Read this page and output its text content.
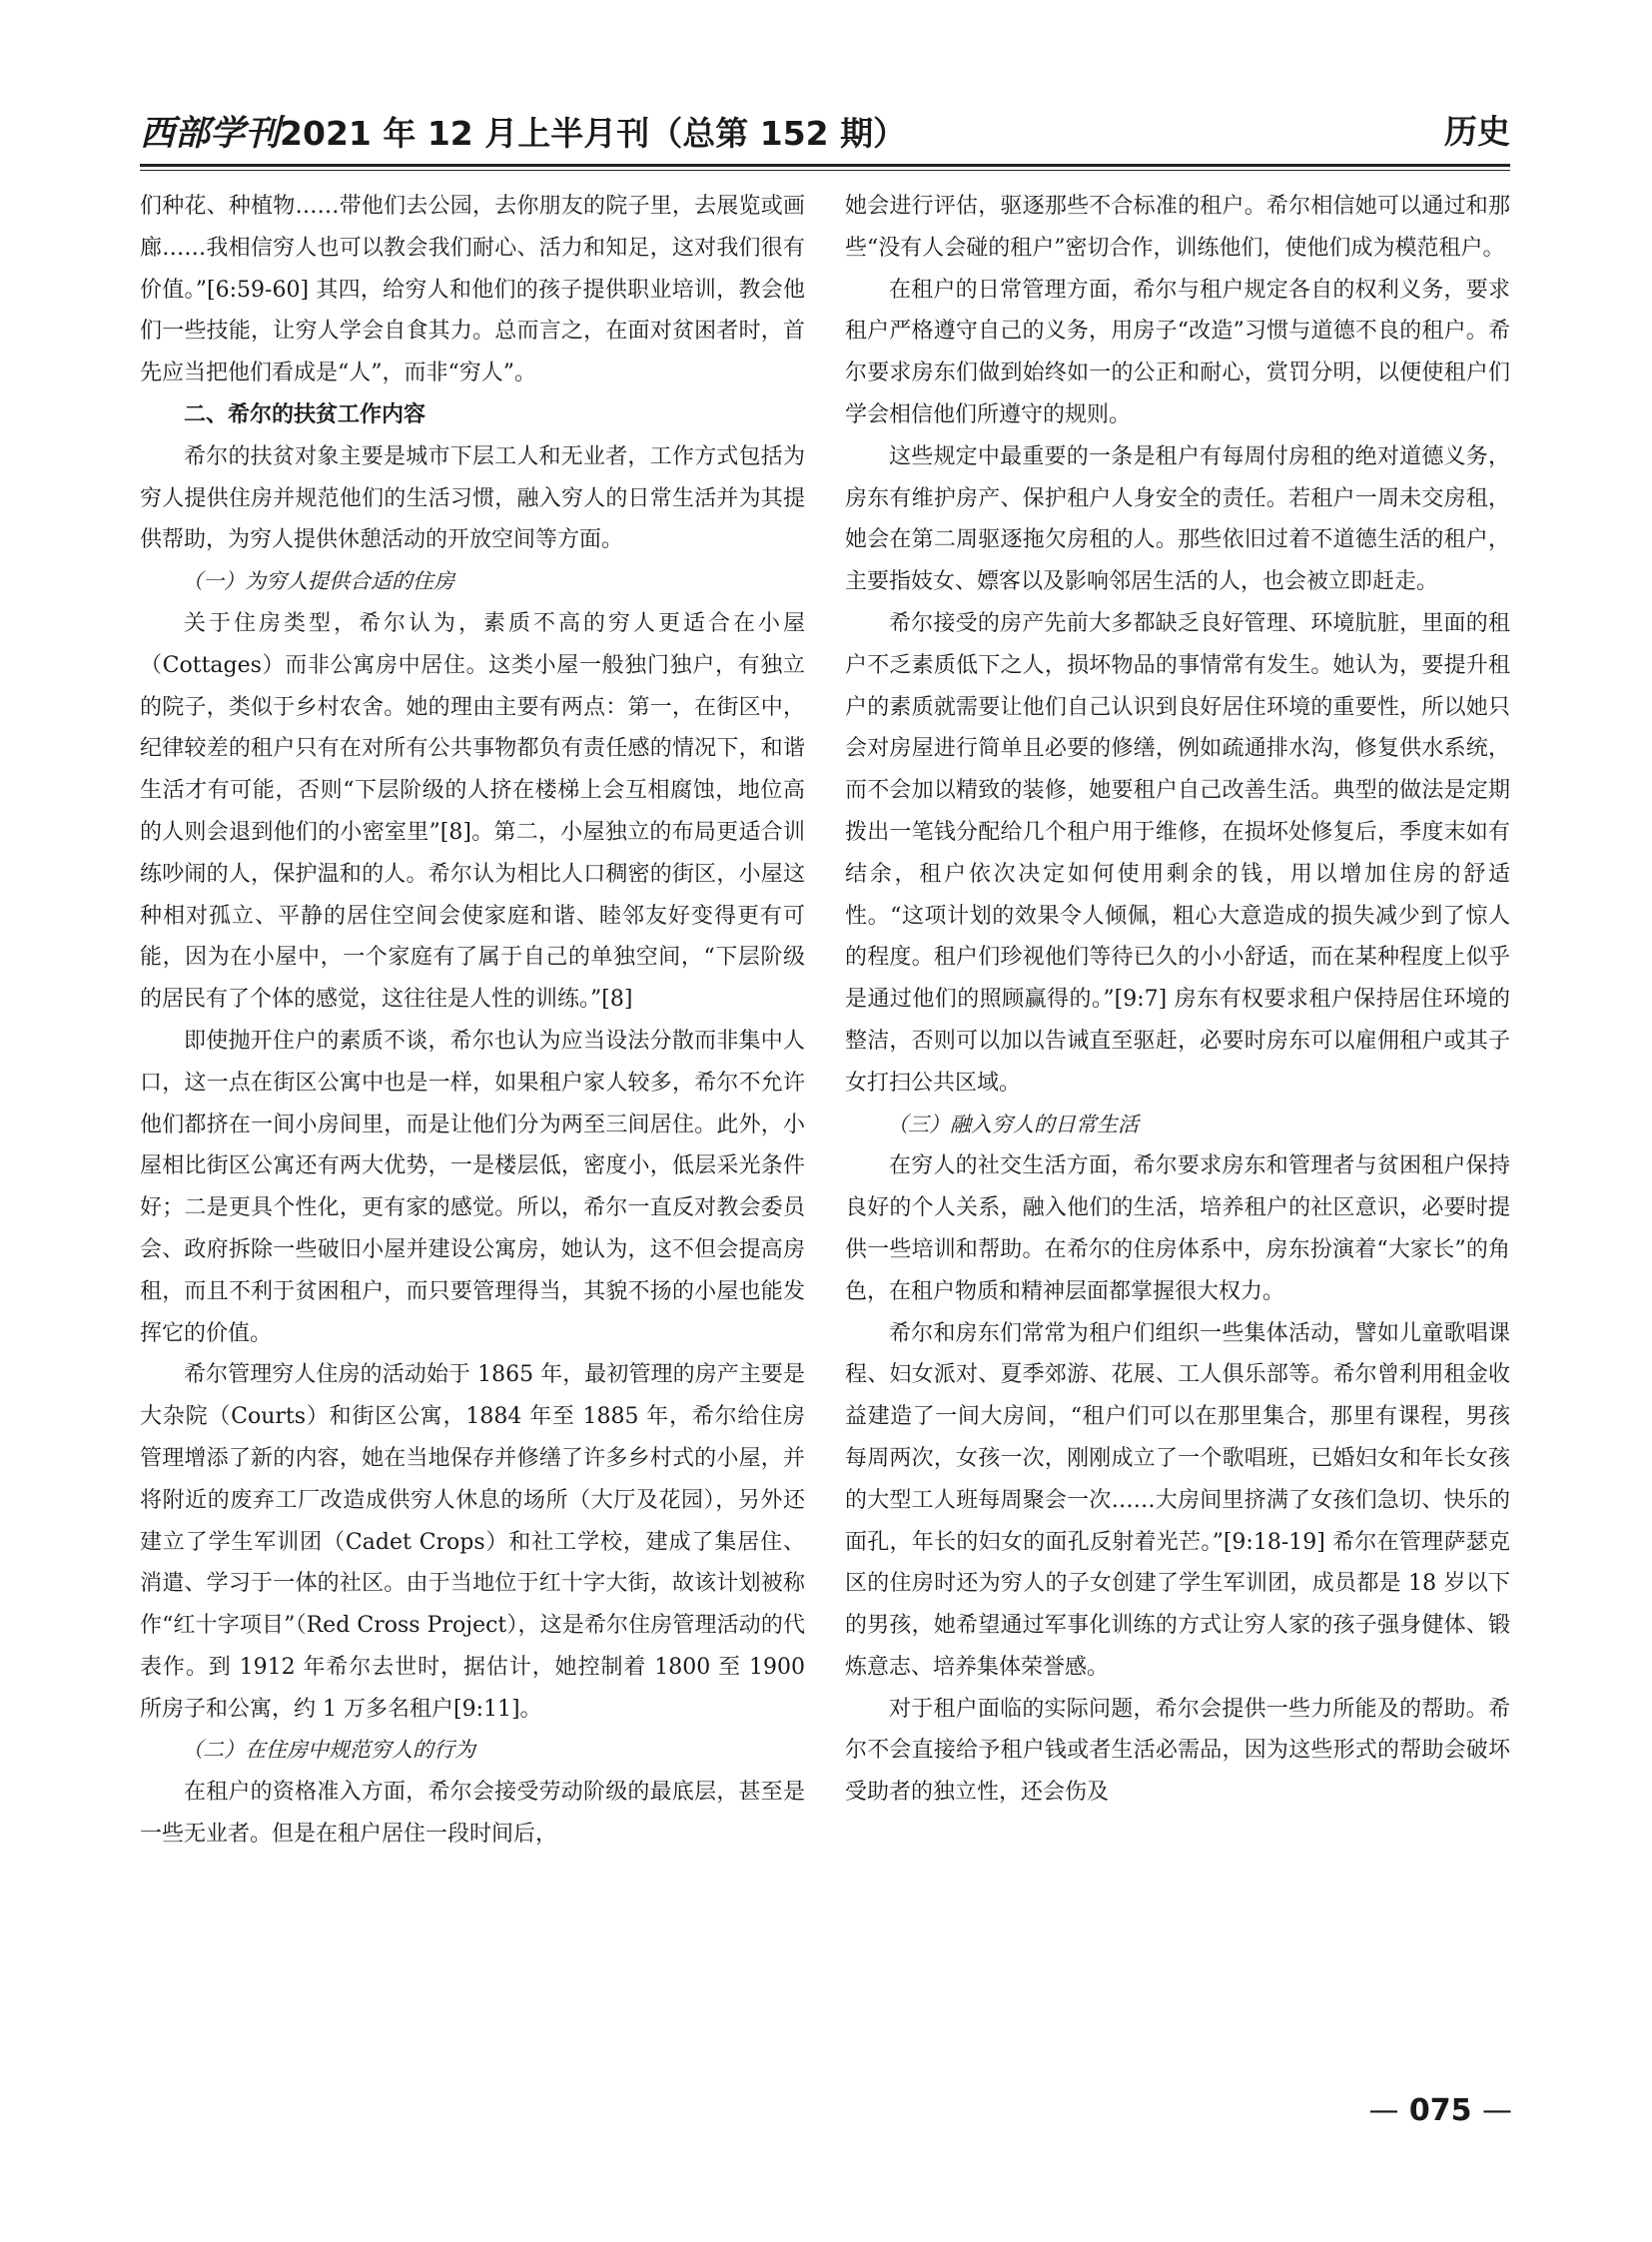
西部学刊2021 年 12 月上半月刊（总第 152 期）	历史

们种花、种植物……带他们去公园，去你朋友的院子里，去展览或画廊……我相信穷人也可以教会我们耐心、活力和知足，这对我们很有价值。”[6:59-60] 其四，给穷人和他们的孩子提供职业培训，教会他们一些技能，让穷人学会自食其力。总而言之，在面对贫困者时，首先应当把他们看成是“人”，而非“穷人”。

二、希尔的扶贫工作内容

希尔的扶贫对象主要是城市下层工人和无业者，工作方式包括为穷人提供住房并规范他们的生活习惯，融入穷人的日常生活并为其提供帮助，为穷人提供休憩活动的开放空间等方面。

（一）为穷人提供合适的住房

关于住房类型，希尔认为，素质不高的穷人更适合在小屋（Cottages）而非公寓房中居住。这类小屋一般独门独户，有独立的院子，类似于乡村农舍。她的理由主要有两点：第一，在街区中，纪律较差的租户只有在对所有公共事物都负有责任感的情况下，和谐生活才有可能，否则“下层阶级的人挤在楼梯上会互相腐蚀，地位高的人则会退到他们的小密室里”[8]。第二，小屋独立的布局更适合训练吵闹的人，保护温和的人。希尔认为相比人口稠密的街区，小屋这种相对孤立、平静的居住空间会使家庭和谐、睦邻友好变得更有可能，因为在小屋中，一个家庭有了属于自己的单独空间，“下层阶级的居民有了个体的感觉，这往往是人性的训练。”[8]

即使抛开住户的素质不谈，希尔也认为应当设法分散而非集中人口，这一点在街区公寓中也是一样，如果租户家人较多，希尔不允许他们都挤在一间小房间里，而是让他们分为两至三间居住。此外，小屋相比街区公寓还有两大优势，一是楼层低，密度小，低层采光条件好；二是更具个性化，更有家的感觉。所以，希尔一直反对教会委员会、政府拆除一些破旧小屋并建设公寓房，她认为，这不但会提高房租，而且不利于贫困租户，而只要管理得当，其貌不扬的小屋也能发挥它的价值。

希尔管理穷人住房的活动始于 1865 年，最初管理的房产主要是大杂院（Courts）和街区公寓，1884 年至 1885 年，希尔给住房管理增添了新的内容，她在当地保存并修缮了许多乡村式的小屋，并将附近的废弃工厂改造成供穷人休息的场所（大厅及花园），另外还建立了学生军训团（Cadet Crops）和社工学校，建成了集居住、消遣、学习于一体的社区。由于当地位于红十字大街，故该计划被称作“红十字项目”（Red Cross Project），这是希尔住房管理活动的代表作。到 1912 年希尔去世时，据估计，她控制着 1800 至 1900 所房子和公寓，约 1 万多名租户[9:11]。

（二）在住房中规范穷人的行为

在租户的资格准入方面，希尔会接受劳动阶级的最底层，甚至是一些无业者。但是在租户居住一段时间后，

她会进行评估，驱逐那些不合标准的租户。希尔相信她可以通过和那些“没有人会碰的租户”密切合作，训练他们，使他们成为模范租户。

在租户的日常管理方面，希尔与租户规定各自的权利义务，要求租户严格遵守自己的义务，用房子“改造”习惯与道德不良的租户。希尔要求房东们做到始终如一的公正和耐心，赏罚分明，以便使租户们学会相信他们所遵守的规则。

这些规定中最重要的一条是租户有每周付房租的绝对道德义务，房东有维护房产、保护租户人身安全的责任。若租户一周未交房租，她会在第二周驱逐拖欠房租的人。那些依旧过着不道德生活的租户，主要指妓女、嫖客以及影响邻居生活的人，也会被立即赶走。

希尔接受的房产先前大多都缺乏良好管理、环境肮脏，里面的租户不乏素质低下之人，损坏物品的事情常有发生。她认为，要提升租户的素质就需要让他们自己认识到良好居住环境的重要性，所以她只会对房屋进行简单且必要的修缮，例如疏通排水沟，修复供水系统，而不会加以精致的装修，她要租户自己改善生活。典型的做法是定期拨出一笔钱分配给几个租户用于维修，在损坏处修复后，季度末如有结余，租户依次决定如何使用剩余的钱，用以增加住房的舒适性。“这项计划的效果令人倾佩，粗心大意造成的损失减少到了惊人的程度。租户们珍视他们等待已久的小小舒适，而在某种程度上似乎是通过他们的照顾赢得的。”[9:7] 房东有权要求租户保持居住环境的整洁，否则可以加以告诫直至驱赶，必要时房东可以雇佣租户或其子女打扫公共区域。

（三）融入穷人的日常生活

在穷人的社交生活方面，希尔要求房东和管理者与贫困租户保持良好的个人关系，融入他们的生活，培养租户的社区意识，必要时提供一些培训和帮助。在希尔的住房体系中，房东扮演着“大家长”的角色，在租户物质和精神层面都掌握很大权力。

希尔和房东们常常为租户们组织一些集体活动，譬如儿童歌唱课程、妇女派对、夏季郊游、花展、工人俱乐部等。希尔曾利用租金收益建造了一间大房间，“租户们可以在那里集合，那里有课程，男孩每周两次，女孩一次，刚刚成立了一个歌唱班，已婚妇女和年长女孩的大型工人班每周聚会一次……大房间里挤满了女孩们急切、快乐的面孔，年长的妇女的面孔反射着光芒。”[9:18-19] 希尔在管理萨瑟克区的住房时还为穷人的子女创建了学生军训团，成员都是 18 岁以下的男孩，她希望通过军事化训练的方式让穷人家的孩子强身健体、锻炼意志、培养集体荣誉感。

对于租户面临的实际问题，希尔会提供一些力所能及的帮助。希尔不会直接给予租户钱或者生活必需品，因为这些形式的帮助会破坏受助者的独立性，还会伤及

— 075 —
